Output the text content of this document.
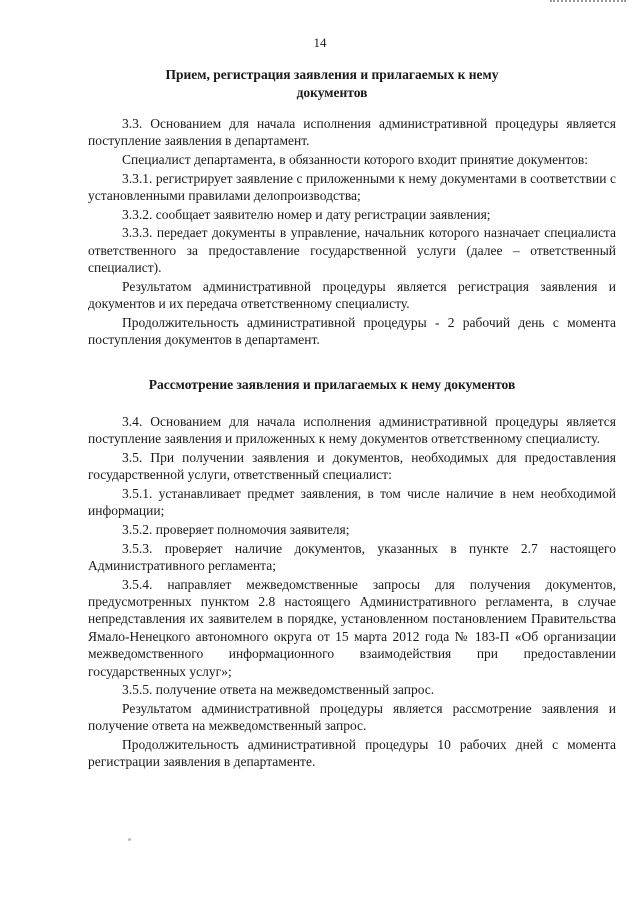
14
Прием, регистрация заявления и прилагаемых к нему документов

3.3. Основанием для начала исполнения административной процедуры является поступление заявления в департамент.

Специалист департамента, в обязанности которого входит принятие документов:

3.3.1. регистрирует заявление с приложенными к нему документами в соответствии с установленными правилами делопроизводства;

3.3.2. сообщает заявителю номер и дату регистрации заявления;

3.3.3. передает документы в управление, начальник которого назначает специалиста ответственного за предоставление государственной услуги (далее – ответственный специалист).

Результатом административной процедуры является регистрация заявления и документов и их передача ответственному специалисту.

Продолжительность административной процедуры - 2 рабочий день с момента поступления документов в департамент.

Рассмотрение заявления и прилагаемых к нему документов

3.4. Основанием для начала исполнения административной процедуры является поступление заявления и приложенных к нему документов ответственному специалисту.

3.5. При получении заявления и документов, необходимых для предоставления государственной услуги, ответственный специалист:

3.5.1. устанавливает предмет заявления, в том числе наличие в нем необходимой информации;

3.5.2. проверяет полномочия заявителя;

3.5.3. проверяет наличие документов, указанных в пункте 2.7 настоящего Административного регламента;

3.5.4. направляет межведомственные запросы для получения документов, предусмотренных пунктом 2.8 настоящего Административного регламента, в случае непредставления их заявителем в порядке, установленном постановлением Правительства Ямало-Ненецкого автономного округа от 15 марта 2012 года № 183-П «Об организации межведомственного информационного взаимодействия при предоставлении государственных услуг»;

3.5.5. получение ответа на межведомственный запрос.

Результатом административной процедуры является рассмотрение заявления и получение ответа на межведомственный запрос.

Продолжительность административной процедуры 10 рабочих дней с момента регистрации заявления в департаменте.
